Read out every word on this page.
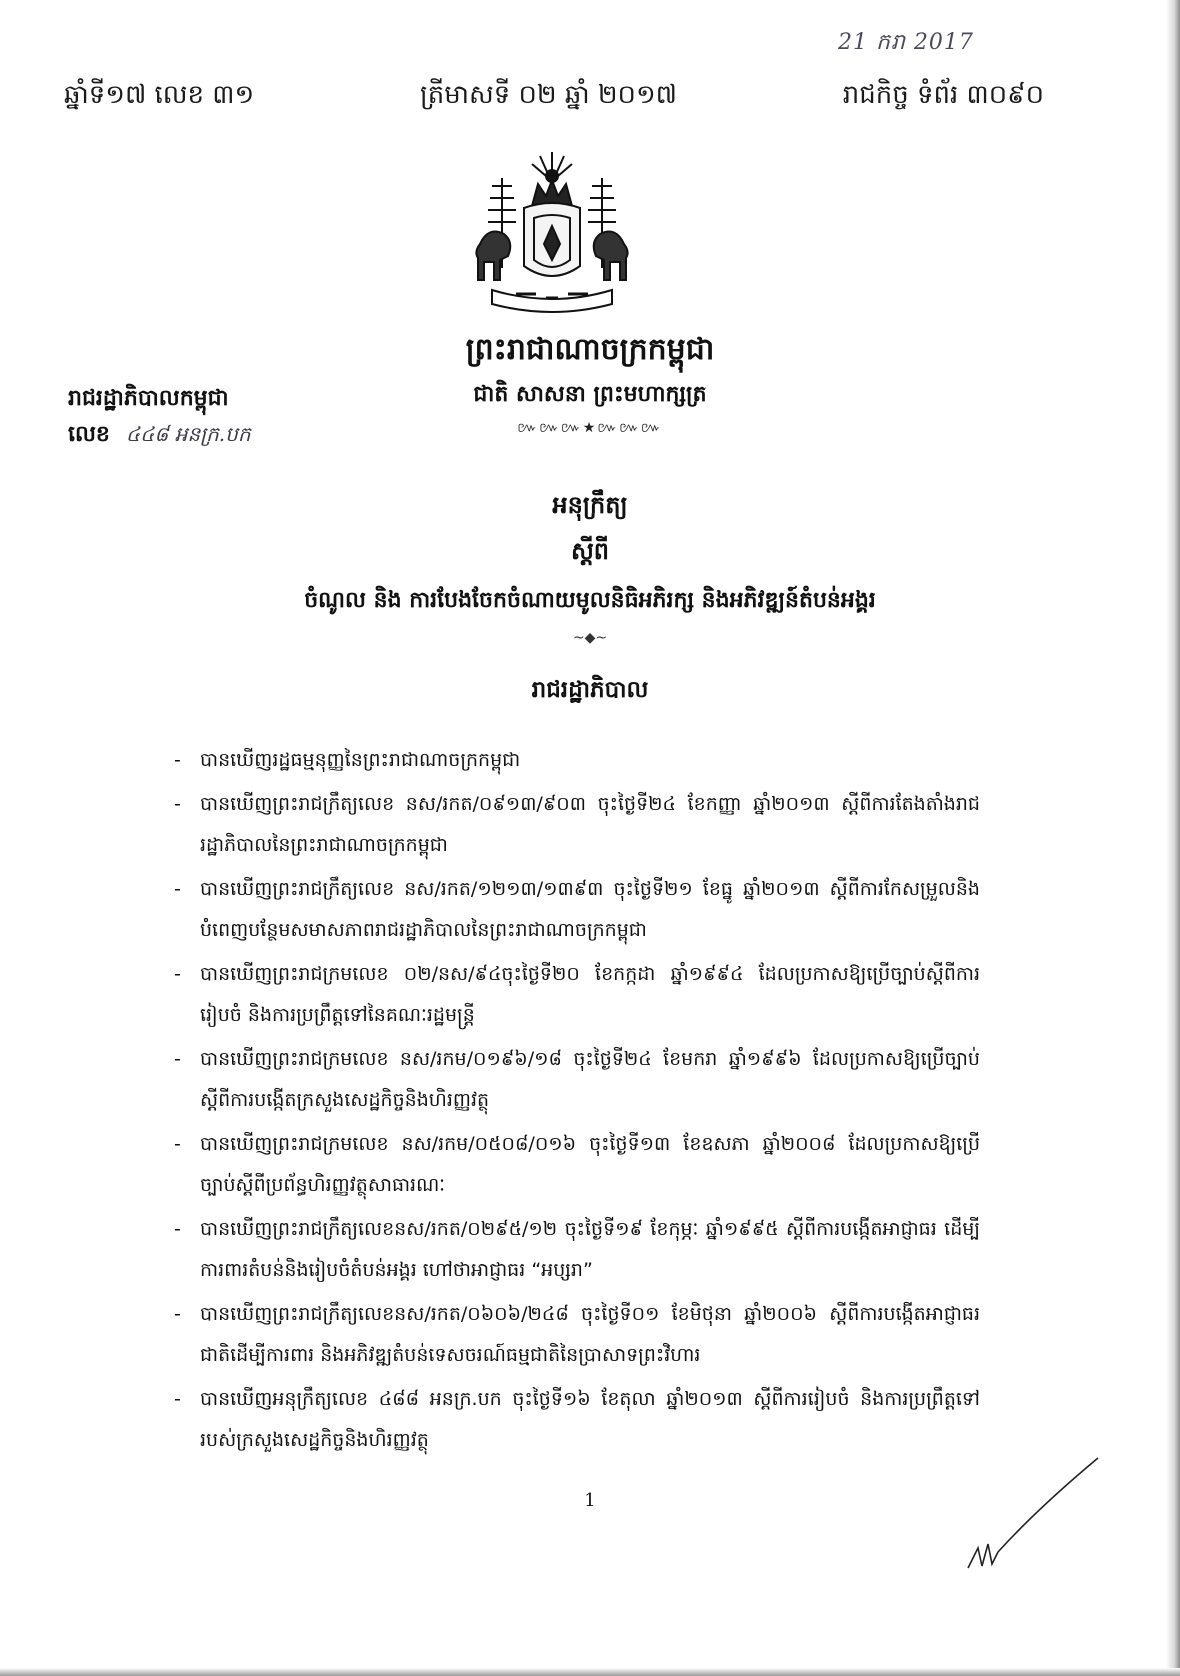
21 ករា 2017
ឆ្នាំទី១៧ លេខ ៣១	ត្រីមាសទី ០២ ឆ្នាំ ២០១៧	រាជកិច្ច ទំព័រ ៣០៩០
ព្រះរាជាណាចក្រកម្ពុជា
ជាតិ សាសនា ព្រះមហាក្សត្រ
៚៚៚★៚៚៚
រាជរដ្ឋាភិបាលកម្ពុជា
លេខ ៤៤៨ អនក្រ.បក
អនុក្រឹត្យ
ស្តីពី
ចំណូល និង ការបែងចែកចំណាយមូលនិធិអភិរក្ស និងអភិវឌ្ឍន៍តំបន់អង្គរ
~◆~
រាជរដ្ឋាភិបាល
- បានឃើញរដ្ឋធម្មនុញ្ញនៃព្រះរាជាណាចក្រកម្ពុជា
- បានឃើញព្រះរាជក្រឹត្យលេខ នស/រកត/០៩១៣/៩០៣ ចុះថ្ងៃទី២៤ ខែកញ្ញា ឆ្នាំ២០១៣ ស្តីពីការតែងតាំងរាជរដ្ឋាភិបាលនៃព្រះរាជាណាចក្រកម្ពុជា
- បានឃើញព្រះរាជក្រឹត្យលេខ នស/រកត/១២១៣/១៣៩៣ ចុះថ្ងៃទី២១ ខែធ្នូ ឆ្នាំ២០១៣ ស្តីពីការកែសម្រួលនិង បំពេញបន្ថែមសមាសភាពរាជរដ្ឋាភិបាលនៃព្រះរាជាណាចក្រកម្ពុជា
- បានឃើញព្រះរាជក្រមលេខ ០២/នស/៩៤ចុះថ្ងៃទី២០ ខែកក្កដា ឆ្នាំ១៩៩៤ ដែលប្រកាសឱ្យប្រើច្បាប់ស្តីពីការរៀបចំ និងការប្រព្រឹត្តទៅនៃគណៈរដ្ឋមន្ត្រី
- បានឃើញព្រះរាជក្រមលេខ នស/រកម/០១៩៦/១៨ ចុះថ្ងៃទី២៤ ខែមករា ឆ្នាំ១៩៩៦ ដែលប្រកាសឱ្យប្រើច្បាប់ស្តីពីការបង្កើតក្រសួងសេដ្ឋកិច្ចនិងហិរញ្ញវត្ថុ
- បានឃើញព្រះរាជក្រមលេខ នស/រកម/០៥០៨/០១៦ ចុះថ្ងៃទី១៣ ខែឧសភា ឆ្នាំ២០០៨ ដែលប្រកាសឱ្យប្រើច្បាប់ស្តីពីប្រព័ន្ធហិរញ្ញវត្ថុសាធារណៈ
- បានឃើញព្រះរាជក្រឹត្យលេខនស/រកត/០២៩៥/១២ ចុះថ្ងៃទី១៩ ខែកុម្ភៈ ឆ្នាំ១៩៩៥ ស្តីពីការបង្កើតអាជ្ញាធរ ដើម្បីការពារតំបន់និងរៀបចំតំបន់អង្គរ ហៅថាអាជ្ញាធរ “អប្សរា”
- បានឃើញព្រះរាជក្រឹត្យលេខនស/រកត/០៦០៦/២៤៨ ចុះថ្ងៃទី០១ ខែមិថុនា ឆ្នាំ២០០៦ ស្តីពីការបង្កើតអាជ្ញាធរជាតិដើម្បីការពារ និងអភិវឌ្ឍតំបន់ទេសចរណ៍ធម្មជាតិនៃប្រាសាទព្រះវិហារ
- បានឃើញអនុក្រឹត្យលេខ ៤៨៨ អនក្រ.បក ចុះថ្ងៃទី១៦ ខែតុលា ឆ្នាំ២០១៣ ស្តីពីការរៀបចំ និងការប្រព្រឹត្តទៅរបស់ក្រសួងសេដ្ឋកិច្ចនិងហិរញ្ញវត្ថុ
1
